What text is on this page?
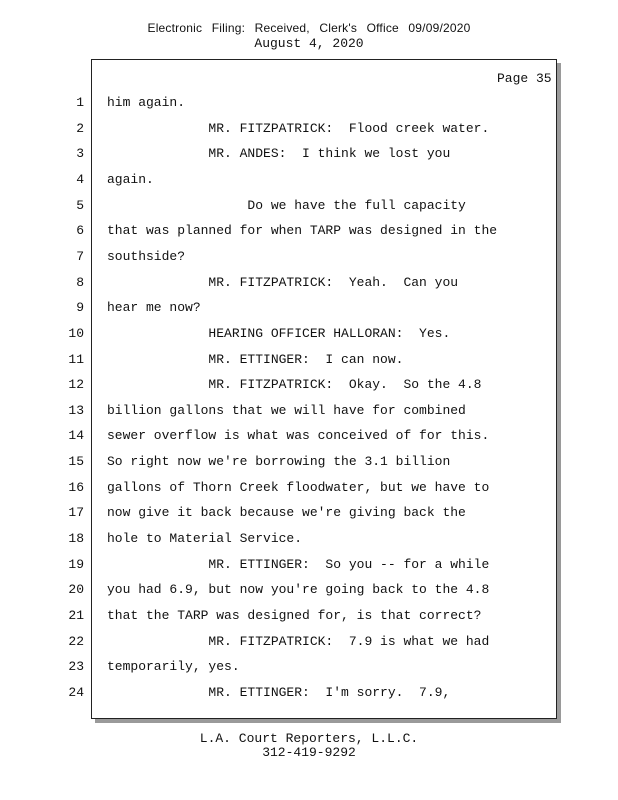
Electronic Filing: Received, Clerk's Office 09/09/2020
August 4, 2020
Page 35
1 him again.
2 MR. FITZPATRICK:  Flood creek water.
3 MR. ANDES:  I think we lost you
4 again.
5 Do we have the full capacity
6 that was planned for when TARP was designed in the
7 southside?
8 MR. FITZPATRICK:  Yeah.  Can you
9 hear me now?
10 HEARING OFFICER HALLORAN:  Yes.
11 MR. ETTINGER:  I can now.
12 MR. FITZPATRICK:  Okay.  So the 4.8
13 billion gallons that we will have for combined
14 sewer overflow is what was conceived of for this.
15 So right now we're borrowing the 3.1 billion
16 gallons of Thorn Creek floodwater, but we have to
17 now give it back because we're giving back the
18 hole to Material Service.
19 MR. ETTINGER:  So you -- for a while
20 you had 6.9, but now you're going back to the 4.8
21 that the TARP was designed for, is that correct?
22 MR. FITZPATRICK:  7.9 is what we had
23 temporarily, yes.
24 MR. ETTINGER:  I'm sorry.  7.9,
L.A. Court Reporters, L.L.C.
312-419-9292
